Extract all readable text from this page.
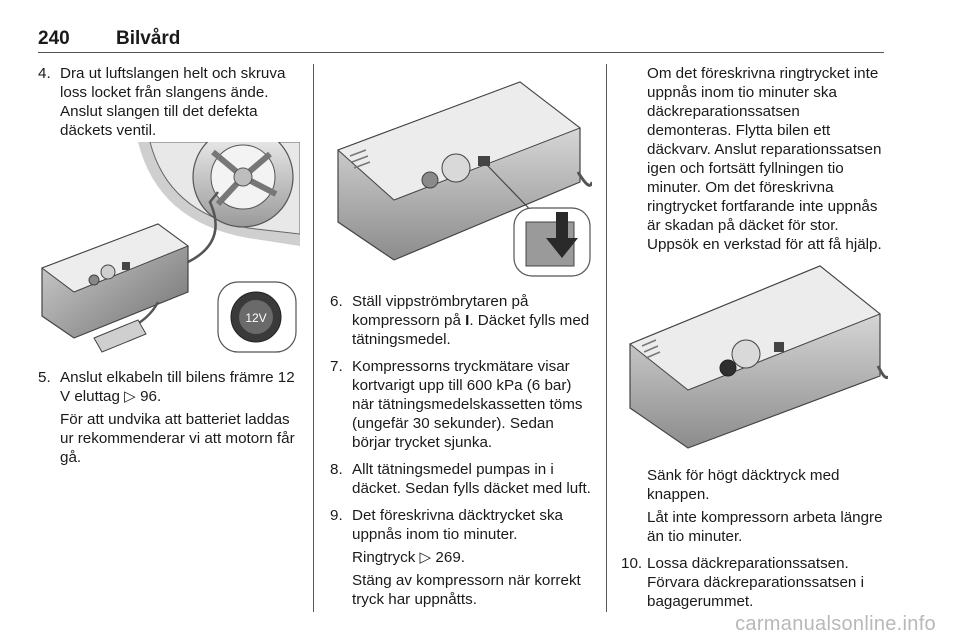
240 Bilvård
4. Dra ut luftslangen helt och skruva loss locket från slangens ände. Anslut slangen till det defekta däckets ventil.

12V
5. Anslut elkabeln till bilens främre 12 V eluttag ▷ 96.

För att undvika att batteriet laddas ur rekommenderar vi att motorn får gå.

6. Ställ vippströmbrytaren på kompressorn på I. Däcket fylls med tätningsmedel.

7. Kompressorns tryckmätare visar kortvarigt upp till 600 kPa (6 bar) när tätningsmedelskassetten töms (ungefär 30 sekunder). Sedan börjar trycket sjunka.

8. Allt tätningsmedel pumpas in i däcket. Sedan fylls däcket med luft.

9. Det föreskrivna däcktrycket ska uppnås inom tio minuter.

Ringtryck ▷ 269.

Stäng av kompressorn när korrekt tryck har uppnåtts.

Om det föreskrivna ringtrycket inte uppnås inom tio minuter ska däckreparationssatsen demonteras. Flytta bilen ett däckvarv. Anslut reparationssatsen igen och fortsätt fyllningen tio minuter. Om det föreskrivna ringtrycket fortfarande inte uppnås är skadan på däcket för stor. Uppsök en verkstad för att få hjälp.

Sänk för högt däcktryck med knappen.

Låt inte kompressorn arbeta längre än tio minuter.

10. Lossa däckreparationssatsen. Förvara däckreparationssatsen i bagagerummet.

carmanualsonline.info
